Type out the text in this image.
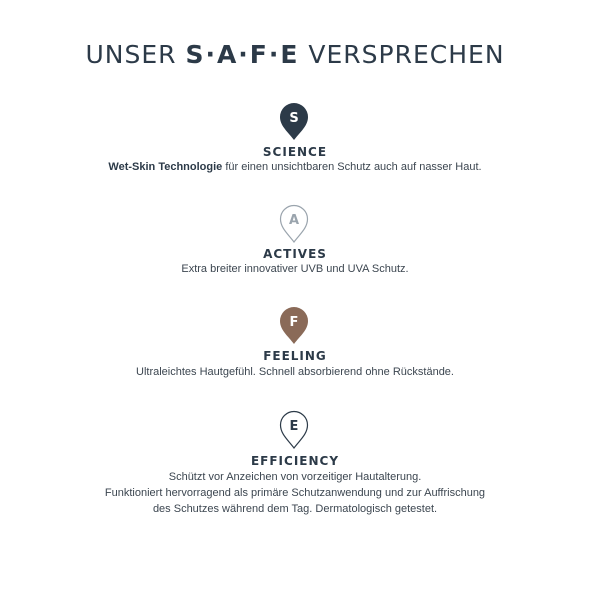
UNSER S·A·F·E VERSPRECHEN
S
SCIENCE
Wet-Skin Technologie für einen unsichtbaren Schutz auch auf nasser Haut.
A
ACTIVES
Extra breiter innovativer UVB und UVA Schutz.
F
FEELING
Ultraleichtes Hautgefühl. Schnell absorbierend ohne Rückstände.
E
EFFICIENCY
Schützt vor Anzeichen von vorzeitiger Hautalterung.
Funktioniert hervorragend als primäre Schutzanwendung und zur Auffrischung
des Schutzes während dem Tag. Dermatologisch getestet.
